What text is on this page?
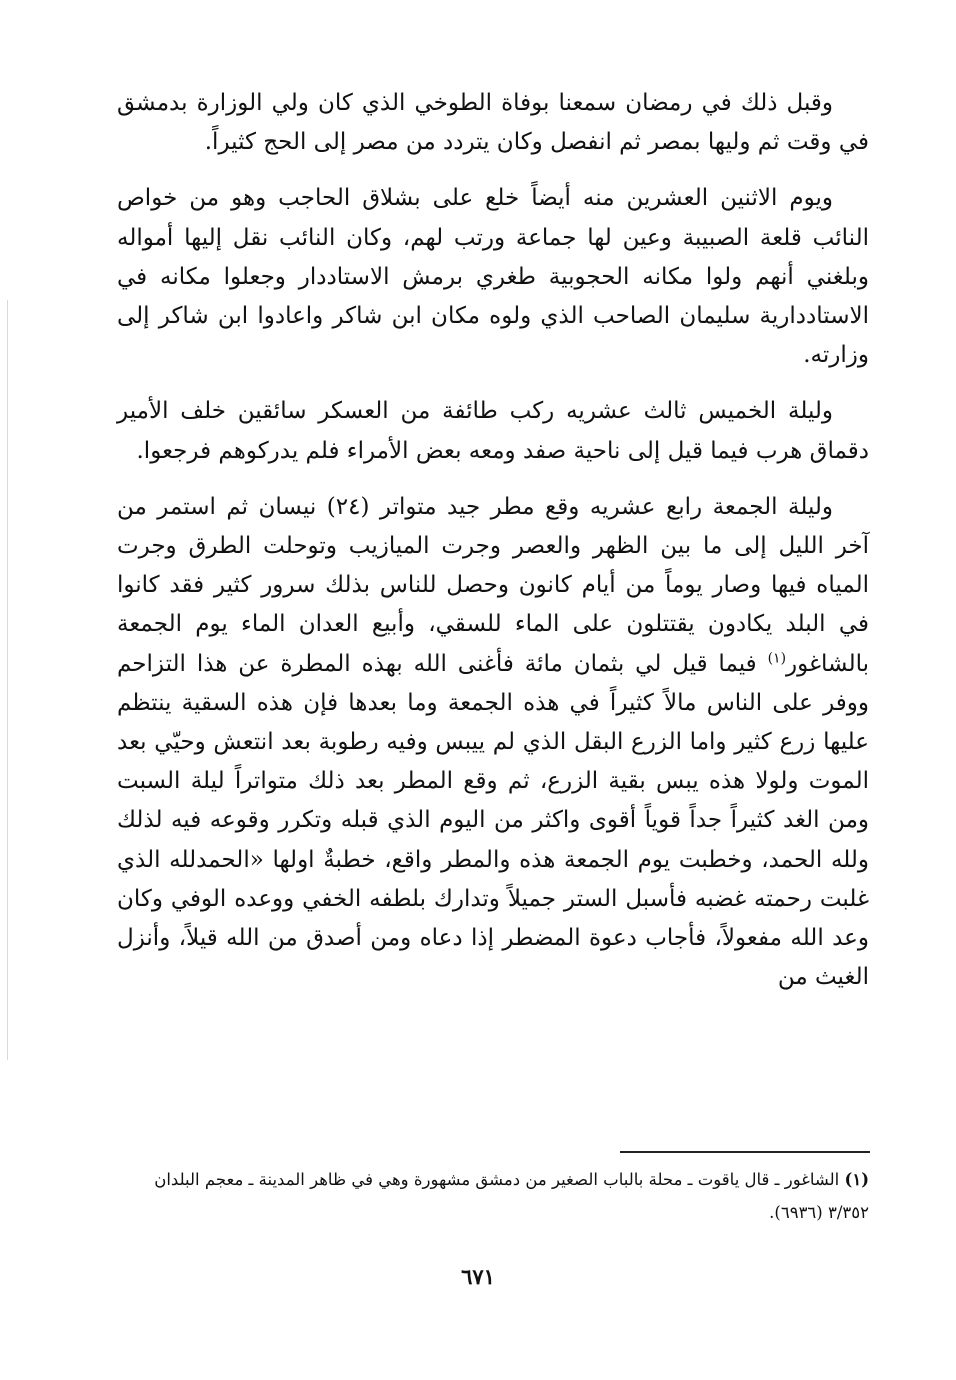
وقبل ذلك في رمضان سمعنا بوفاة الطوخي الذي كان ولي الوزارة بدمشق في وقت ثم وليها بمصر ثم انفصل وكان يتردد من مصر إلى الحج كثيراً.

ويوم الاثنين العشرين منه أيضاً خلع على بشلاق الحاجب وهو من خواص النائب قلعة الصبيبة وعين لها جماعة ورتب لهم، وكان النائب نقل إليها أمواله وبلغني أنهم ولوا مكانه الحجوبية طغري برمش الاستاددار وجعلوا مكانه في الاستاددارية سليمان الصاحب الذي ولوه مكان ابن شاكر واعادوا ابن شاكر إلى وزارته.

وليلة الخميس ثالث عشريه ركب طائفة من العسكر سائقين خلف الأمير دقماق هرب فيما قيل إلى ناحية صفد ومعه بعض الأمراء فلم يدركوهم فرجعوا.

وليلة الجمعة رابع عشريه وقع مطر جيد متواتر (٢٤) نيسان ثم استمر من آخر الليل إلى ما بين الظهر والعصر وجرت الميازيب وتوحلت الطرق وجرت المياه فيها وصار يوماً من أيام كانون وحصل للناس بذلك سرور كثير فقد كانوا في البلد يكادون يقتتلون على الماء للسقي، وأبيع العدان الماء يوم الجمعة بالشاغور$^{(١)}$ فيما قيل لي بثمان مائة فأغنى الله بهذه المطرة عن هذا التزاحم ووفر على الناس مالاً كثيراً في هذه الجمعة وما بعدها فإن هذه السقية ينتظم عليها زرع كثير واما الزرع البقل الذي لم ييبس وفيه رطوبة بعد انتعش وحيّي بعد الموت ولولا هذه يبس بقية الزرع، ثم وقع المطر بعد ذلك متواتراً ليلة السبت ومن الغد كثيراً جداً قوياً أقوى واكثر من اليوم الذي قبله وتكرر وقوعه فيه لذلك ولله الحمد، وخطبت يوم الجمعة هذه والمطر واقع، خطبةٌ اولها «الحمدلله الذي غلبت رحمته غضبه فأسبل الستر جميلاً وتدارك بلطفه الخفي ووعده الوفي وكان وعد الله مفعولاً، فأجاب دعوة المضطر إذا دعاه ومن أصدق من الله قيلاً، وأنزل الغيث من

(١) الشاغور ـ قال ياقوت ـ محلة بالباب الصغير من دمشق مشهورة وهي في ظاهر المدينة ـ معجم البلدان ٣/٣٥٢ (٦٩٣٦).

٦٧١
